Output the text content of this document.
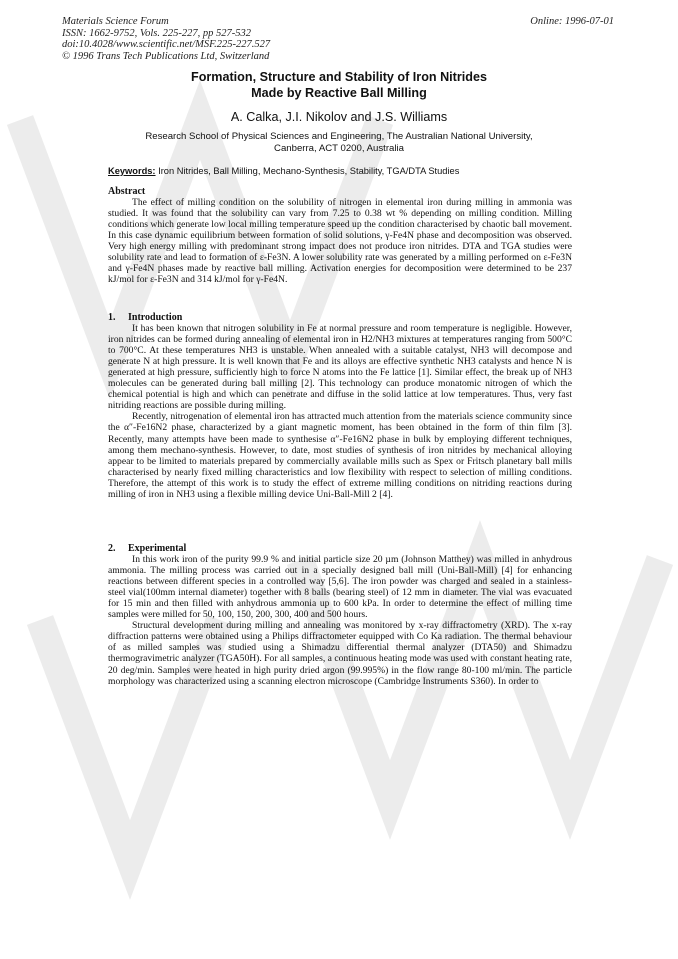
Materials Science Forum
ISSN: 1662-9752, Vols. 225-227, pp 527-532
doi:10.4028/www.scientific.net/MSF.225-227.527
© 1996 Trans Tech Publications Ltd, Switzerland
Online: 1996-07-01
Formation, Structure and Stability of Iron Nitrides
Made by Reactive Ball Milling
A. Calka, J.I. Nikolov and J.S. Williams
Research School of Physical Sciences and Engineering, The Australian National University,
Canberra, ACT 0200, Australia
Keywords: Iron Nitrides, Ball Milling, Mechano-Synthesis, Stability, TGA/DTA Studies
Abstract

The effect of milling condition on the solubility of nitrogen in elemental iron during milling in ammonia was studied. It was found that the solubility can vary from 7.25 to 0.38 wt % depending on milling condition. Milling conditions which generate low local milling temperature speed up the condition characterised by chaotic ball movement. In this case dynamic equilibrium between formation of solid solutions, γ-Fe4N phase and decomposition was observed. Very high energy milling with predominant strong impact does not produce iron nitrides. DTA and TGA studies were solubility rate and lead to formation of ε-Fe3N. A lower solubility rate was generated by a milling performed on ε-Fe3N and γ-Fe4N phases made by reactive ball milling. Activation energies for decomposition were determined to be 237 kJ/mol for ε-Fe3N and 314 kJ/mol for γ-Fe4N.

1. Introduction

It has been known that nitrogen solubility in Fe at normal pressure and room temperature is negligible. However, iron nitrides can be formed during annealing of elemental iron in H2/NH3 mixtures at temperatures ranging from 500°C to 700°C. At these temperatures NH3 is unstable. When annealed with a suitable catalyst, NH3 will decompose and generate N at high pressure. It is well known that Fe and its alloys are effective synthetic NH3 catalysts and hence N is generated at high pressure, sufficiently high to force N atoms into the Fe lattice [1]. Similar effect, the break up of NH3 molecules can be generated during ball milling [2]. This technology can produce monatomic nitrogen of which the chemical potential is high and which can penetrate and diffuse in the solid lattice at low temperatures. Thus, very fast nitriding reactions are possible during milling.

Recently, nitrogenation of elemental iron has attracted much attention from the materials science community since the α″-Fe16N2 phase, characterized by a giant magnetic moment, has been obtained in the form of thin film [3]. Recently, many attempts have been made to synthesise α″-Fe16N2 phase in bulk by employing different techniques, among them mechano-synthesis. However, to date, most studies of synthesis of iron nitrides by mechanical alloying appear to be limited to materials prepared by commercially available mills such as Spex or Fritsch planetary ball mills characterised by nearly fixed milling characteristics and low flexibility with respect to selection of milling conditions. Therefore, the attempt of this work is to study the effect of extreme milling conditions on nitriding reactions during milling of iron in NH3 using a flexible milling device Uni-Ball-Mill 2 [4].

2. Experimental

In this work iron of the purity 99.9 % and initial particle size 20 µm (Johnson Matthey) was milled in anhydrous ammonia. The milling process was carried out in a specially designed ball mill (Uni-Ball-Mill) [4] for enhancing reactions between different species in a controlled way [5,6]. The iron powder was charged and sealed in a stainless-steel vial(100mm internal diameter) together with 8 balls (bearing steel) of 12 mm in diameter. The vial was evacuated for 15 min and then filled with anhydrous ammonia up to 600 kPa. In order to determine the effect of milling time samples were milled for 50, 100, 150, 200, 300, 400 and 500 hours.

Structural development during milling and annealing was monitored by x-ray diffractometry (XRD). The x-ray diffraction patterns were obtained using a Philips diffractometer equipped with Co Ka radiation. The thermal behaviour of as milled samples was studied using a Shimadzu differential thermal analyzer (DTA50) and Shimadzu thermogravimetric analyzer (TGA50H). For all samples, a continuous heating mode was used with constant heating rate, 20 deg/min. Samples were heated in high purity dried argon (99.995%) in the flow range 80-100 ml/min. The particle morphology was characterized using a scanning electron microscope (Cambridge Instruments S360). In order to
